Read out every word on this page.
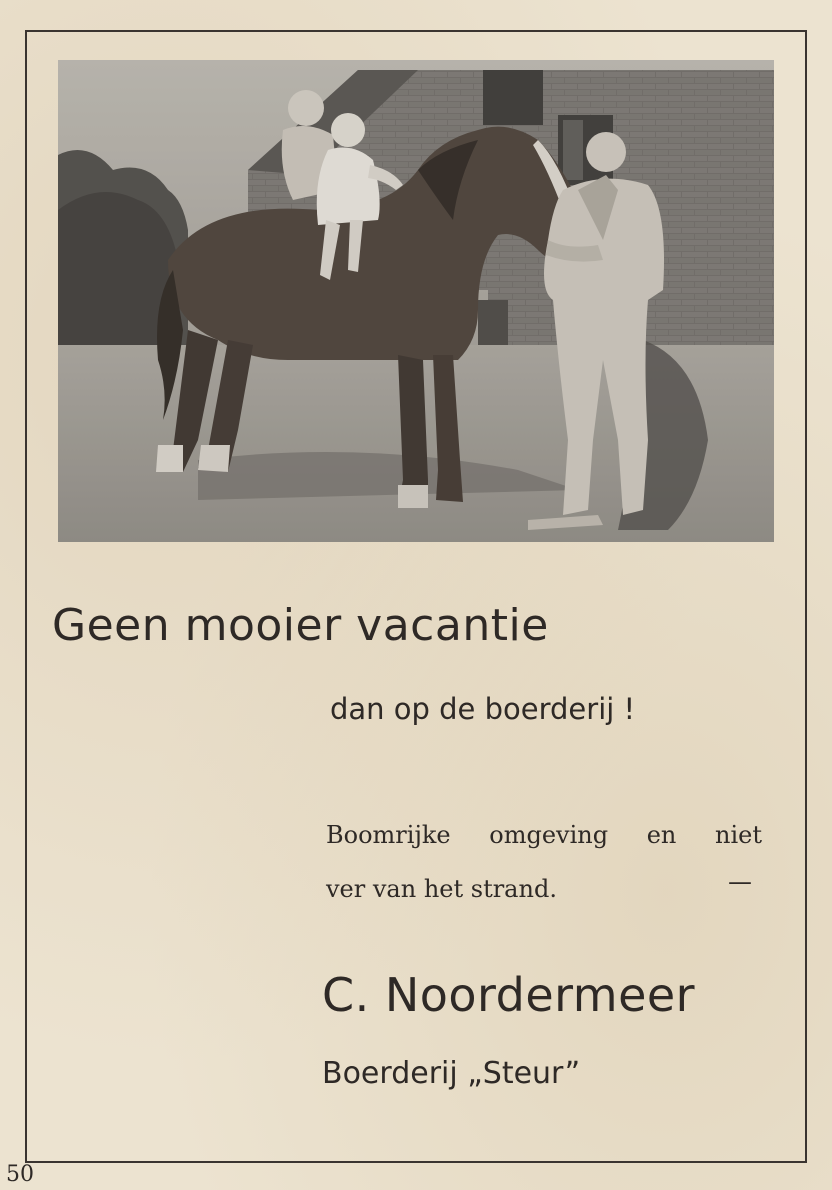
Geen mooier vacantie
dan op de boerderij !
Boomrijke omgeving en niet
ver van het strand.	—
C. Noordermeer
Boerderij „Steur”
50
